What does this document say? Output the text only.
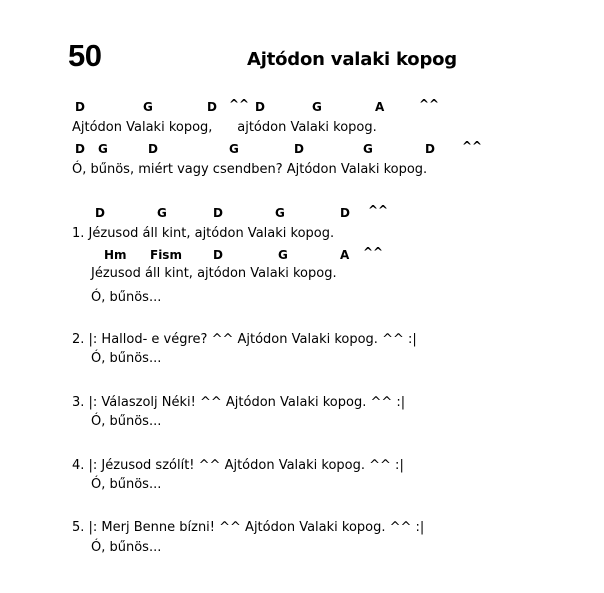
50	Ajtódon valaki kopog
D	G	D ^^ D	G	A	^^
Ajtódon Valaki kopog,      ajtódon Valaki kopog.
D G	D	G	D	G	D ^^
Ó, bűnös, miért vagy csendben? Ajtódon Valaki kopog.
D	G	D	G	D ^^
1. Jézusod áll kint, ajtódon Valaki kopog.
Hm Fism	D	G	A ^^
Jézusod áll kint, ajtódon Valaki kopog.
Ó, bűnös...
2. |: Hallod- e végre? ^^ Ajtódon Valaki kopog. ^^ :|
Ó, bűnös...
3. |: Válaszolj Néki! ^^ Ajtódon Valaki kopog. ^^ :|
Ó, bűnös...
4. |: Jézusod szólít! ^^ Ajtódon Valaki kopog. ^^ :|
Ó, bűnös...
5. |: Merj Benne bízni! ^^ Ajtódon Valaki kopog. ^^ :|
Ó, bűnös...
